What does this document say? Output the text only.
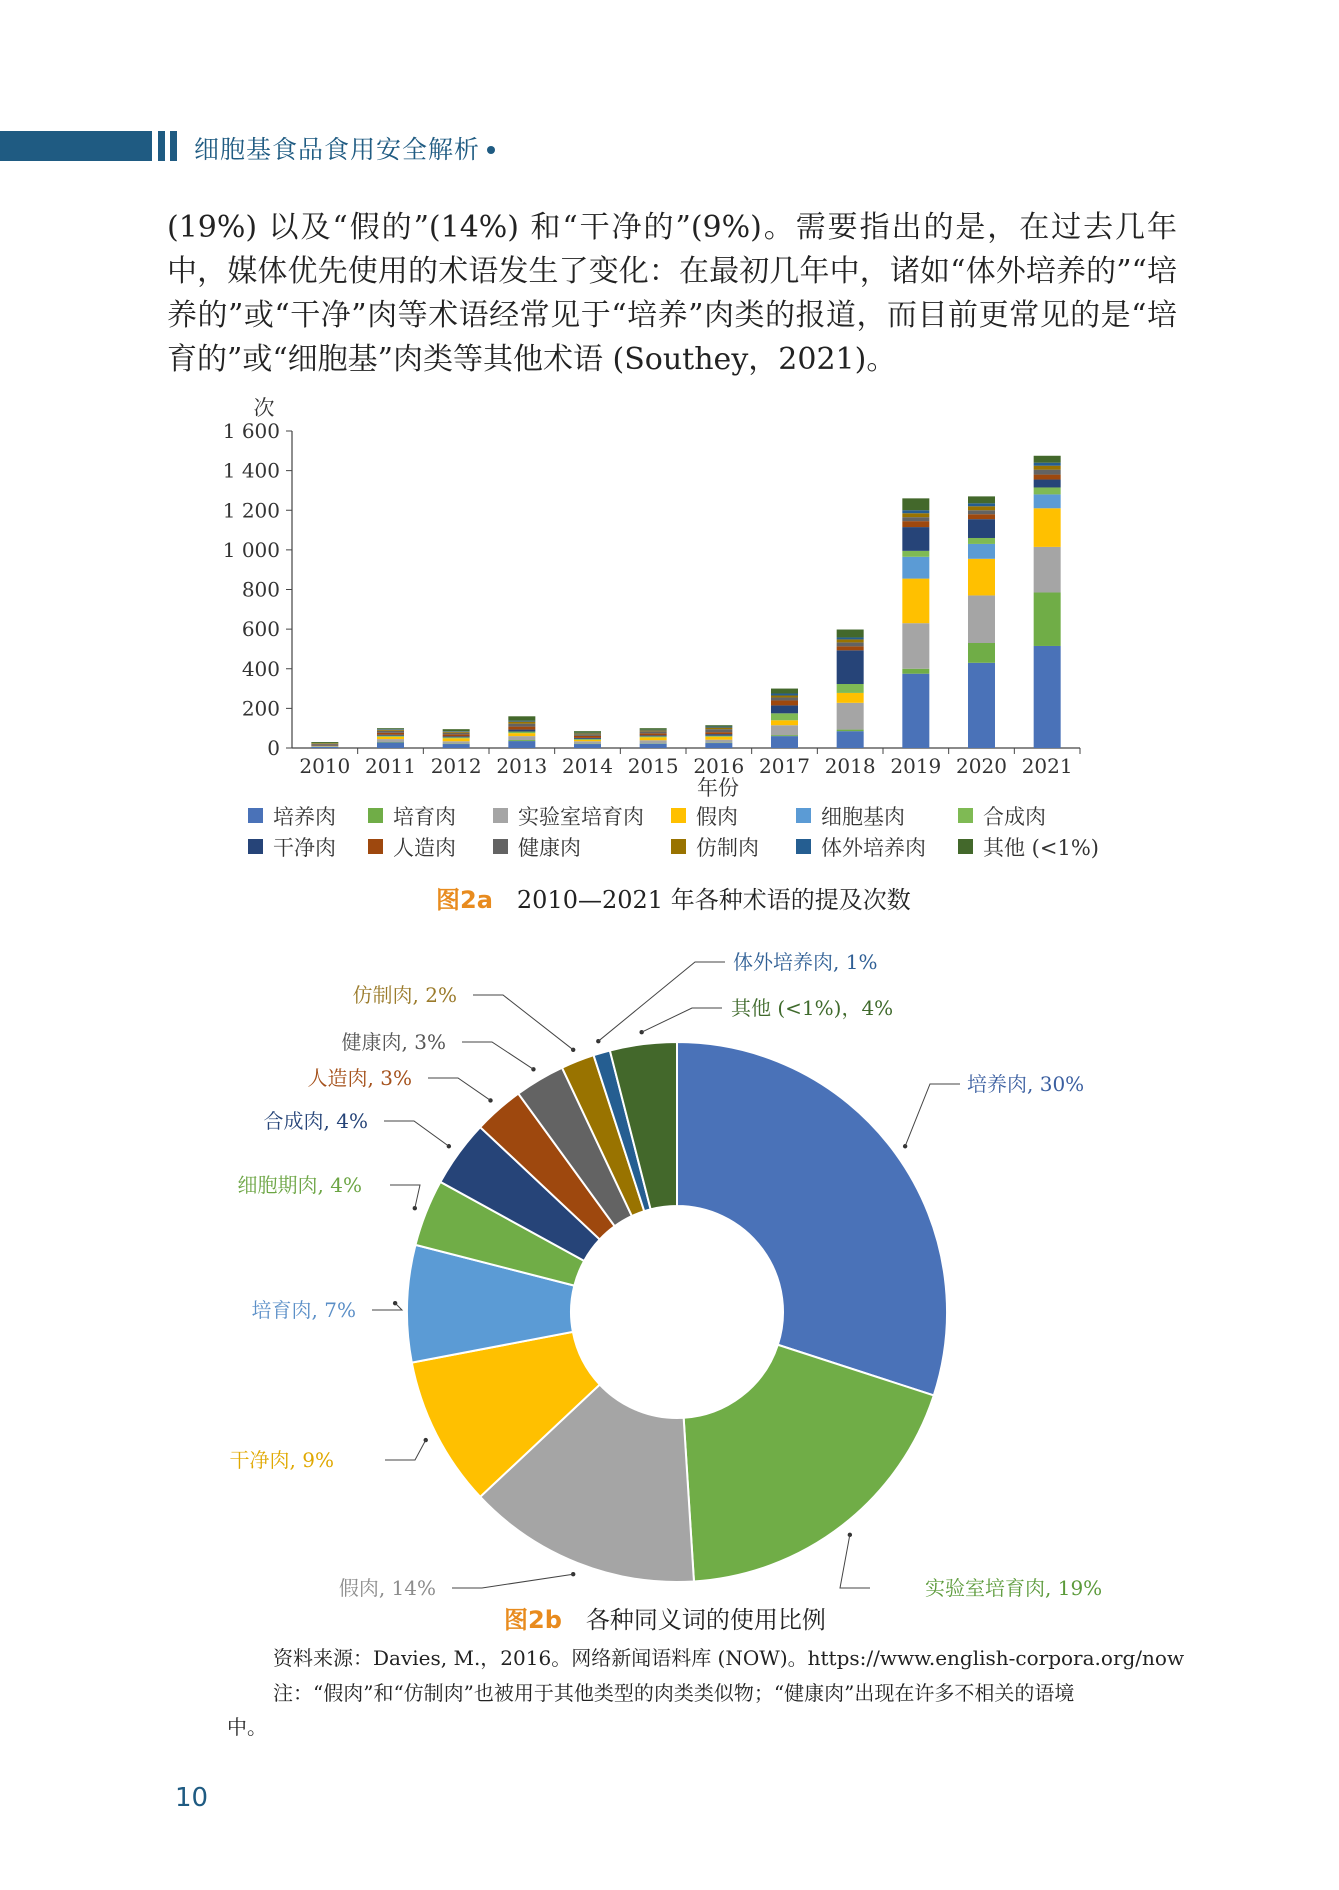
细胞基食品食用安全解析
(19%) 以及“假的”(14%) 和“干净的”(9%)。需要指出的是，在过去几年中，媒体优先使用的术语发生了变化：在最初几年中，诸如“体外培养的”“培养的”或“干净”肉等术语经常见于“培养”肉类的报道，而目前更常见的是“培育的”或“细胞基”肉类等其他术语 (Southey，2021)。
0
200
400
600
800
1 000
1 200
1 400
1 600
次
2010 2011 2012 2013 2014 2015 2016 2017 2018 2019 2020 2021
年份
培养肉	培育肉	实验室培育肉 假肉	细胞基肉	合成肉
干净肉	人造肉	健康肉	仿制肉	体外培养肉	其他 (<1%)
图2a 2010—2021 年各种术语的提及次数
培养肉, 30%
实验室培育肉, 19%
假肉, 14%
干净肉, 9%
培育肉, 7%
细胞期肉, 4%
合成肉, 4%
人造肉, 3%
健康肉, 3%
仿制肉, 2%
体外培养肉, 1%
其他 (<1%)，4%
图2b 各种同义词的使用比例
资料来源：Davies, M.，2016。网络新闻语料库 (NOW)。https://www.english-corpora.org/now
注：“假肉”和“仿制肉”也被用于其他类型的肉类类似物；“健康肉”出现在许多不相关的语境中。
10
